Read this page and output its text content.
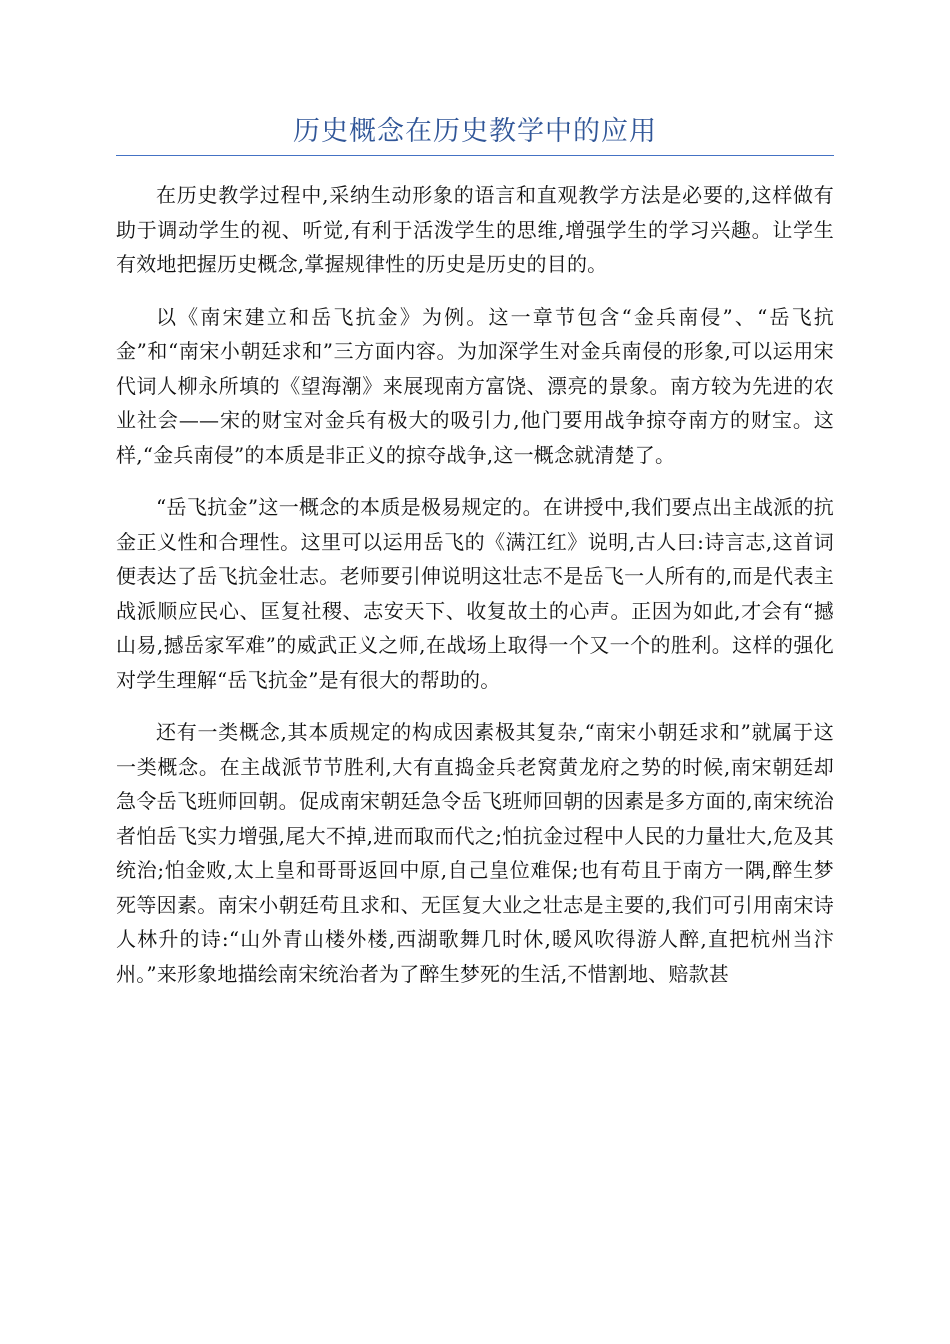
历史概念在历史教学中的应用

在历史教学过程中,采纳生动形象的语言和直观教学方法是必要的,这样做有助于调动学生的视、听觉,有利于活泼学生的思维,增强学生的学习兴趣。让学生有效地把握历史概念,掌握规律性的历史是历史的目的。

以《南宋建立和岳飞抗金》为例。这一章节包含“金兵南侵”、“岳飞抗金”和“南宋小朝廷求和”三方面内容。为加深学生对金兵南侵的形象,可以运用宋代词人柳永所填的《望海潮》来展现南方富饶、漂亮的景象。南方较为先进的农业社会——宋的财宝对金兵有极大的吸引力,他门要用战争掠夺南方的财宝。这样,“金兵南侵”的本质是非正义的掠夺战争,这一概念就清楚了。

“岳飞抗金”这一概念的本质是极易规定的。在讲授中,我们要点出主战派的抗金正义性和合理性。这里可以运用岳飞的《满江红》说明,古人曰:诗言志,这首词便表达了岳飞抗金壮志。老师要引伸说明这壮志不是岳飞一人所有的,而是代表主战派顺应民心、匡复社稷、志安天下、收复故土的心声。正因为如此,才会有“撼山易,撼岳家军难”的威武正义之师,在战场上取得一个又一个的胜利。这样的强化对学生理解“岳飞抗金”是有很大的帮助的。

还有一类概念,其本质规定的构成因素极其复杂,“南宋小朝廷求和”就属于这一类概念。在主战派节节胜利,大有直捣金兵老窝黄龙府之势的时候,南宋朝廷却急令岳飞班师回朝。促成南宋朝廷急令岳飞班师回朝的因素是多方面的,南宋统治者怕岳飞实力增强,尾大不掉,进而取而代之;怕抗金过程中人民的力量壮大,危及其统治;怕金败,太上皇和哥哥返回中原,自己皇位难保;也有苟且于南方一隅,醉生梦死等因素。南宋小朝廷苟且求和、无匡复大业之壮志是主要的,我们可引用南宋诗人林升的诗:“山外青山楼外楼,西湖歌舞几时休,暖风吹得游人醉,直把杭州当汴州。”来形象地描绘南宋统治者为了醉生梦死的生活,不惜割地、赔款甚
